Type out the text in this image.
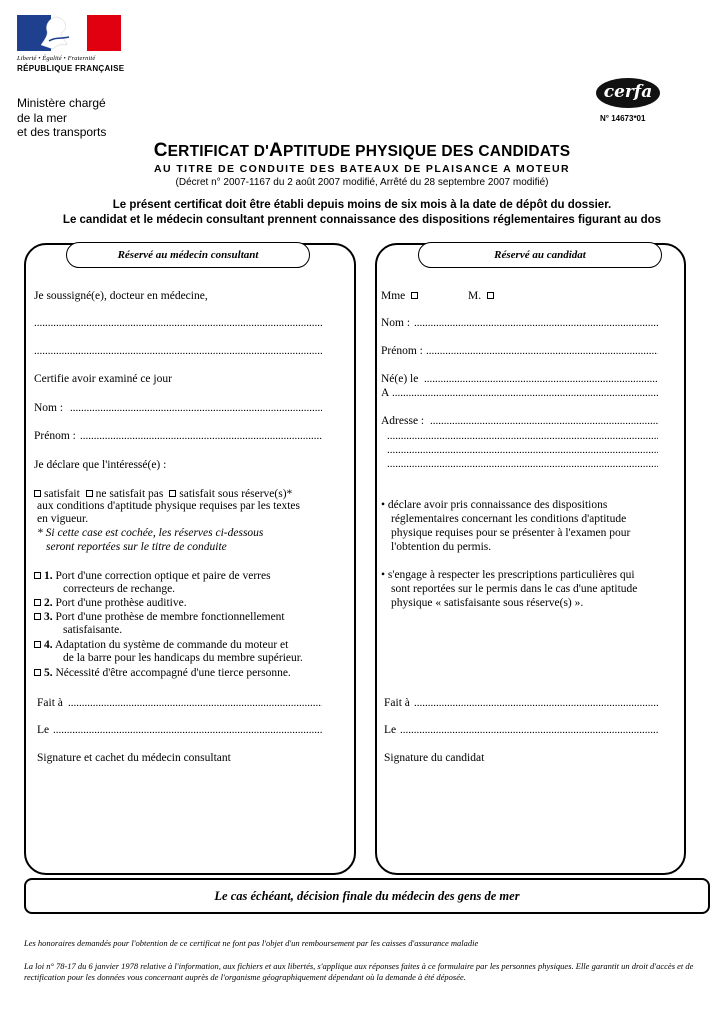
Liberté • Égalité • Fraternité
RÉPUBLIQUE FRANÇAISE
Ministère chargé
de la mer
et des transports
cerfa
N° 14673*01
CERTIFICAT D'APTITUDE PHYSIQUE DES CANDIDATS
AU TITRE DE CONDUITE DES BATEAUX DE PLAISANCE A MOTEUR
(Décret n° 2007-1167 du 2 août 2007 modifié, Arrêté du 28 septembre 2007 modifié)
Le présent certificat doit être établi depuis moins de six mois à la date de dépôt du dossier.
Le candidat et le médecin consultant prennent connaissance des dispositions réglementaires figurant au dos
Réservé au médecin consultant
Je soussigné(e), docteur en médecine,
.....
.....
Certifie avoir examiné ce jour
Nom :
.....
Prénom :
.....
Je déclare que l'intéressé(e) :
satisfait ne satisfait pas satisfait sous réserve(s)*
aux conditions d'aptitude physique requises par les textes
en vigueur.
* Si cette case est cochée, les réserves ci-dessous
seront reportées sur le titre de conduite
1. Port d'une correction optique et paire de verres
correcteurs de rechange.
2. Port d'une prothèse auditive.
3. Port d'une prothèse de membre fonctionnellement
satisfaisante.
4. Adaptation du système de commande du moteur et
de la barre pour les handicaps du membre supérieur.
5. Nécessité d'être accompagné d'une tierce personne.
Fait à
.....
Le
.....
Signature et cachet du médecin consultant
Réservé au candidat
Mme	M.
Nom :
.....
Prénom :
.....
Né(e) le
.....
A
.....
Adresse :
.....
.....
.....
.....
• déclare avoir pris connaissance des dispositions
réglementaires concernant les conditions d'aptitude
physique requises pour se présenter à l'examen pour
l'obtention du permis.
• s'engage à respecter les prescriptions particulières qui
sont reportées sur le permis dans le cas d'une aptitude
physique « satisfaisante sous réserve(s) ».
Fait à
.....
Le
.....
Signature du candidat
Le cas échéant, décision finale du médecin des gens de mer
Les honoraires demandés pour l'obtention de ce certificat ne font pas l'objet d'un remboursement par les caisses d'assurance maladie
La loi n° 78-17 du 6 janvier 1978 relative à l'information, aux fichiers et aux libertés, s'applique aux réponses faites à ce formulaire par les personnes physiques. Elle garantit un droit d'accès et de rectification pour les données vous concernant auprès de l'organisme géographiquement dépendant où la demande à été déposée.
